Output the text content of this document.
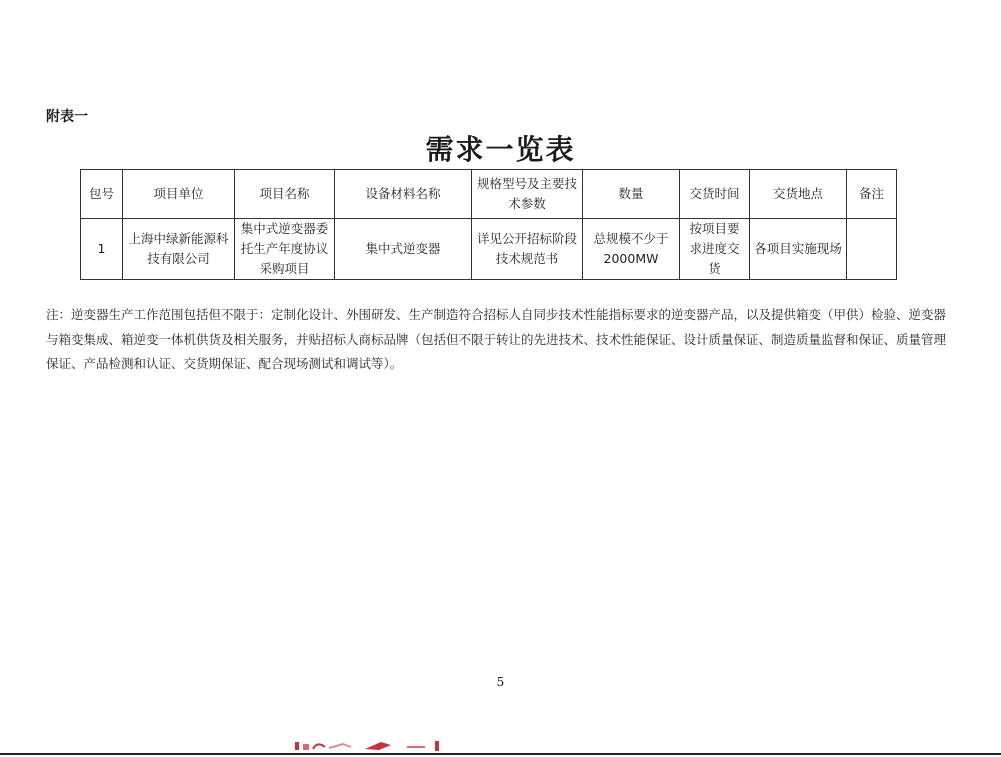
附表一
需求一览表
包号	项目单位	项目名称	设备材料名称	规格型号及主要技术参数	数量	交货时间	交货地点	备注
1	上海中绿新能源科技有限公司	集中式逆变器委托生产年度协议采购项目	集中式逆变器	详见公开招标阶段技术规范书	总规模不少于2000MW	按项目要求进度交货	各项目实施现场	
注：逆变器生产工作范围包括但不限于：定制化设计、外围研发、生产制造符合招标人自同步技术性能指标要求的逆变器产品，以及提供箱变（甲供）检验、逆变器与箱变集成、箱逆变一体机供货及相关服务，并贴招标人商标品牌（包括但不限于转让的先进技术、技术性能保证、设计质量保证、制造质量监督和保证、质量管理保证、产品检测和认证、交货期保证、配合现场测试和调试等）。
5
